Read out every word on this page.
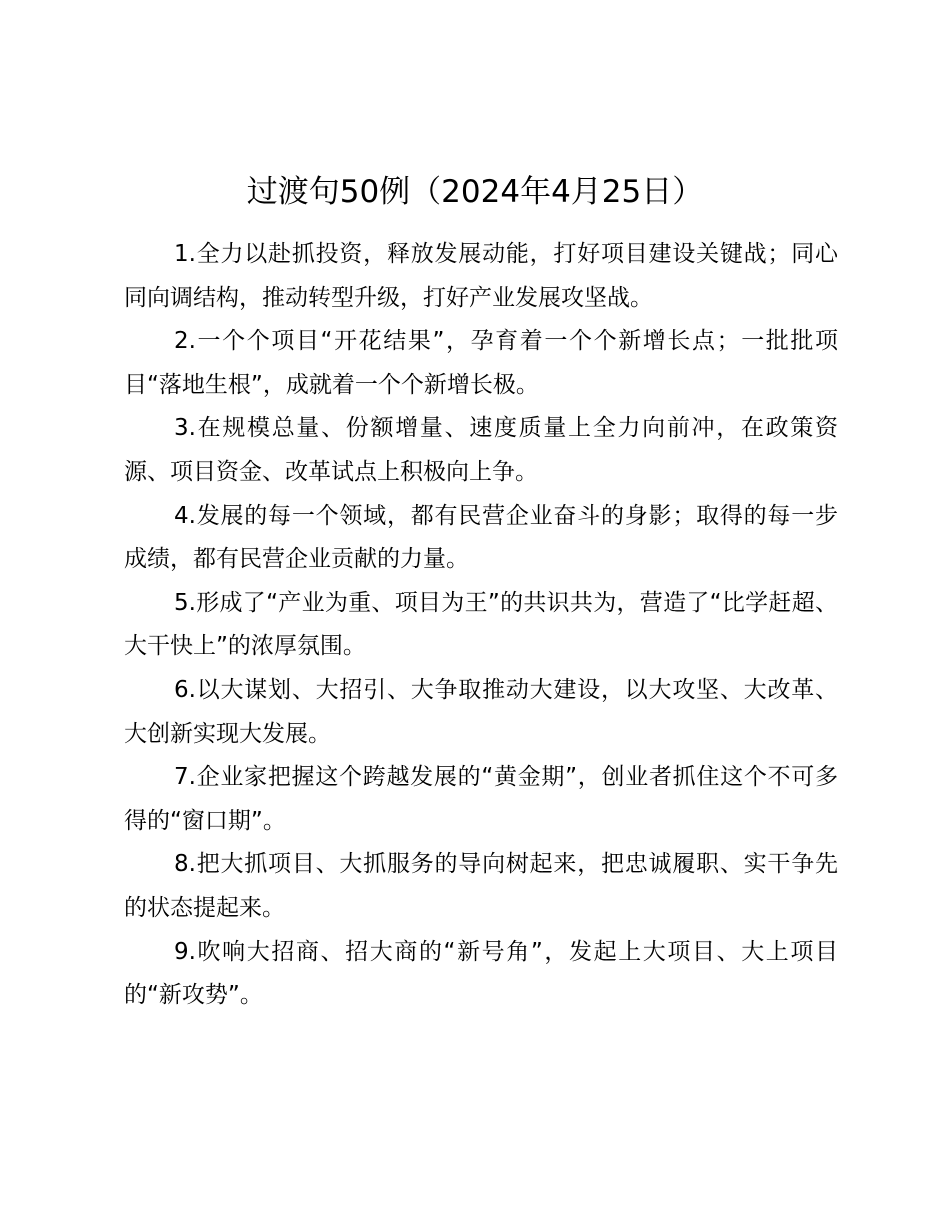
过渡句50例（2024年4月25日）

1.全力以赴抓投资，释放发展动能，打好项目建设关键战；同心同向调结构，推动转型升级，打好产业发展攻坚战。

2.一个个项目“开花结果”，孕育着一个个新增长点；一批批项目“落地生根”，成就着一个个新增长极。

3.在规模总量、份额增量、速度质量上全力向前冲，在政策资源、项目资金、改革试点上积极向上争。

4.发展的每一个领域，都有民营企业奋斗的身影；取得的每一步成绩，都有民营企业贡献的力量。

5.形成了“产业为重、项目为王”的共识共为，营造了“比学赶超、大干快上”的浓厚氛围。

6.以大谋划、大招引、大争取推动大建设，以大攻坚、大改革、大创新实现大发展。

7.企业家把握这个跨越发展的“黄金期”，创业者抓住这个不可多得的“窗口期”。

8.把大抓项目、大抓服务的导向树起来，把忠诚履职、实干争先的状态提起来。

9.吹响大招商、招大商的“新号角”，发起上大项目、大上项目的“新攻势”。
